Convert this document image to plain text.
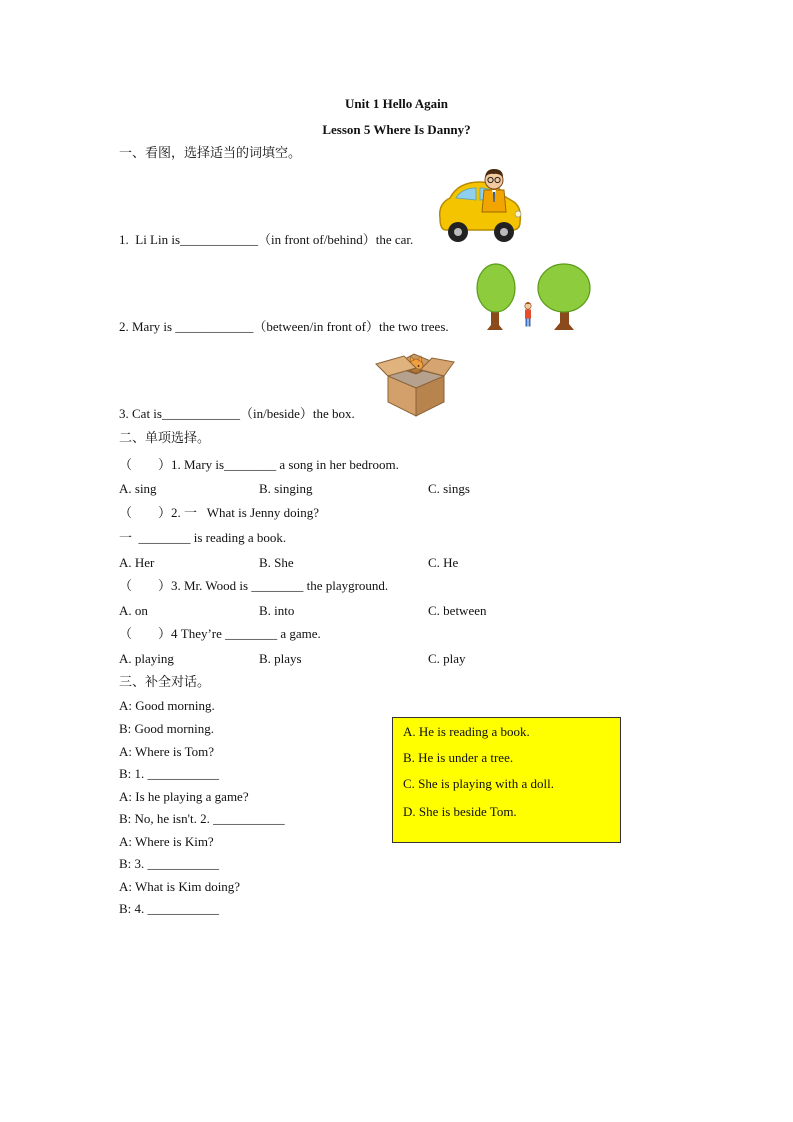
Unit 1 Hello Again
Lesson 5 Where Is Danny?
一、看图，选择适当的词填空。
1.  Li Lin is____________（in front of/behind）the car.
2. Mary is ____________（between/in front of）the two trees.
3. Cat is____________（in/beside）the box.
二、单项选择。
（        ）1. Mary is________ a song in her bedroom.
A. sing	B. singing	C. sings
（        ）2. 一   What is Jenny doing?
一  ________ is reading a book.
A. Her	B. She	C. He
（        ）3. Mr. Wood is ________ the playground.
A. on	B. into	C. between
（        ）4 They’re ________ a game.
A. playing	B. plays	C. play
三、补全对话。
A: Good morning.
B: Good morning.
A: Where is Tom?
B: 1. ___________
A: Is he playing a game?
B: No, he isn't. 2. ___________
A: Where is Kim?
B: 3. ___________
A: What is Kim doing?
B: 4. ___________
A. He is reading a book.
B. He is under a tree.
C. She is playing with a doll.
D. She is beside Tom.
